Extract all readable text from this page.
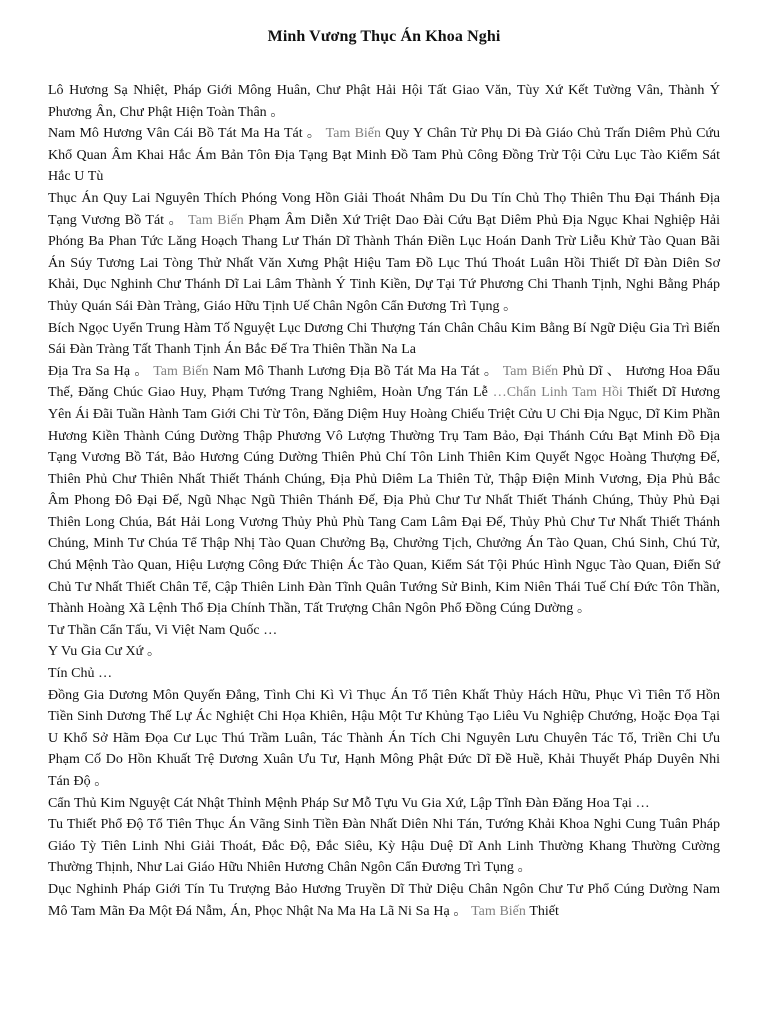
Minh Vương Thục Án Khoa Nghi

Lô Hương Sạ Nhiệt, Pháp Giới Mông Huân, Chư Phật Hải Hội Tất Giao Văn, Tùy Xứ Kết Tường Vân, Thành Ý Phương Ân, Chư Phật Hiện Toàn Thân 。

Nam Mô Hương Vân Cái Bồ Tát Ma Ha Tát 。 Tam Biến Quy Y Chân Tử Phụ Di Đà Giáo Chủ Trấn Diêm Phủ Cứu Khổ Quan Âm Khai Hắc Ám Bản Tôn Địa Tạng Bạt Minh Đồ Tam Phủ Công Đồng Trừ Tội Cửu Lục Tào Kiểm Sát Hắc U Tù

Thục Án Quy Lai Nguyên Thích Phóng Vong Hồn Giải Thoát Nhâm Du Du Tín Chủ Thọ Thiên Thu Đại Thánh Địa Tạng Vương Bồ Tát 。 Tam Biến Phạm Âm Diễn Xứ Triệt Dao Đài Cứu Bạt Diêm Phủ Địa Ngục Khai Nghiệp Hải Phóng Ba Phan Tức Lăng Hoạch Thang Lư Thán Dĩ Thành Thán Điền Lục Hoán Danh Trừ Liễu Khử Tào Quan Bãi Án Súy Tương Lai Tòng Thử Nhất Văn Xưng Phật Hiệu Tam Đồ Lục Thú Thoát Luân Hồi Thiết Dĩ Đàn Diên Sơ Khải, Dục Nghinh Chư Thánh Dĩ Lai Lâm Thành Ý Tinh Kiền, Dự Tại Tứ Phương Chi Thanh Tịnh, Nghi Bằng Pháp Thủy Quán Sái Đàn Tràng, Giáo Hữu Tịnh Uế Chân Ngôn Cẩn Đương Trì Tụng 。

Bích Ngọc Uyển Trung Hàm Tố Nguyệt Lục Dương Chi Thượng Tán Chân Châu Kim Bằng Bí Ngữ Diệu Gia Trì Biến Sái Đàn Tràng Tất Thanh Tịnh Án Bắc Đế Tra Thiên Thần Na La

Địa Tra Sa Hạ 。 Tam Biến Nam Mô Thanh Lương Địa Bồ Tát Ma Ha Tát 。 Tam Biến Phủ Dĩ 、 Hương Hoa Đẩu Thế, Đăng Chúc Giao Huy, Phạm Tướng Trang Nghiêm, Hoàn Ưng Tán Lễ …Chẩn Linh Tam Hồi Thiết Dĩ Hương Yên Ái Đãi Tuần Hành Tam Giới Chi Từ Tôn, Đăng Diệm Huy Hoàng Chiếu Triệt Cửu U Chi Địa Ngục, Dĩ Kim Phần Hương Kiền Thành Cúng Dường Thập Phương Vô Lượng Thường Trụ Tam Bảo, Đại Thánh Cứu Bạt Minh Đồ Địa Tạng Vương Bồ Tát, Bảo Hương Cúng Dường Thiên Phủ Chí Tôn Linh Thiên Kim Quyết Ngọc Hoàng Thượng Đế, Thiên Phủ Chư Thiên Nhất Thiết Thánh Chúng, Địa Phủ Diêm La Thiên Tử, Thập Điện Minh Vương, Địa Phủ Bắc Âm Phong Đô Đại Đế, Ngũ Nhạc Ngũ Thiên Thánh Đế, Địa Phủ Chư Tư Nhất Thiết Thánh Chúng, Thủy Phủ Đại Thiên Long Chúa, Bát Hải Long Vương Thủy Phủ Phù Tang Cam Lâm Đại Đế, Thủy Phủ Chư Tư Nhất Thiết Thánh Chúng, Minh Tư Chúa Tể Thập Nhị Tào Quan Chưởng Bạ, Chưởng Tịch, Chưởng Án Tào Quan, Chú Sinh, Chú Tử, Chú Mệnh Tào Quan, Hiệu Lượng Công Đức Thiện Ác Tào Quan, Kiểm Sát Tội Phúc Hình Ngục Tào Quan, Điển Sứ Chủ Tư Nhất Thiết Chân Tể, Cập Thiên Linh Đàn Tĩnh Quân Tướng Sử Binh, Kim Niên Thái Tuế Chí Đức Tôn Thần, Thành Hoàng Xã Lệnh Thổ Địa Chính Thần, Tất Trượng Chân Ngôn Phổ Đồng Cúng Dường 。

Tư Thần Cẩn Tấu, Vi Việt Nam Quốc …

Y Vu Gia Cư Xứ 。

Tín Chủ …

Đồng Gia Dương Môn Quyến Đẳng, Tình Chi Kì Vì Thục Án Tổ Tiên Khất Thủy Hách Hữu, Phục Vì Tiên Tổ Hồn Tiền Sinh Dương Thế Lự Ác Nghiệt Chi Họa Khiên, Hậu Một Tư Khủng Tạo Liêu Vu Nghiệp Chướng, Hoặc Đọa Tại U Khổ Sở Hãm Đọa Cư Lục Thú Trầm Luân, Tác Thành Án Tích Chi Nguyên Lưu Chuyên Tác Tổ, Triền Chi Ưu Phạm Cố Do Hồn Khuất Trệ Dương Xuân Ưu Tư, Hạnh Mông Phật Đức Dĩ Đề Huề, Khải Thuyết Pháp Duyên Nhi Tán Độ 。

Cẩn Thủ Kim Nguyệt Cát Nhật Thỉnh Mệnh Pháp Sư Mỗ Tựu Vu Gia Xứ, Lập Tĩnh Đàn Đăng Hoa Tại …

Tu Thiết Phổ Độ Tổ Tiên Thục Án Vãng Sinh Tiền Đàn Nhất Diên Nhi Tán, Tướng Khải Khoa Nghi Cung Tuân Pháp Giáo Tỳ Tiên Linh Nhi Giải Thoát, Đắc Độ, Đắc Siêu, Kỳ Hậu Duệ Dĩ Anh Linh Thường Khang Thường Cường Thường Thịnh, Như Lai Giáo Hữu Nhiên Hương Chân Ngôn Cẩn Đương Trì Tụng 。

Dục Nghinh Pháp Giới Tín Tu Trượng Bảo Hương Truyền Dĩ Thử Diệu Chân Ngôn Chư Tư Phổ Cúng Dường Nam Mô Tam Mãn Đa Một Đá Nẫm, Án, Phọc Nhật Na Ma Ha Lã Ni Sa Hạ 。 Tam Biến Thiết
